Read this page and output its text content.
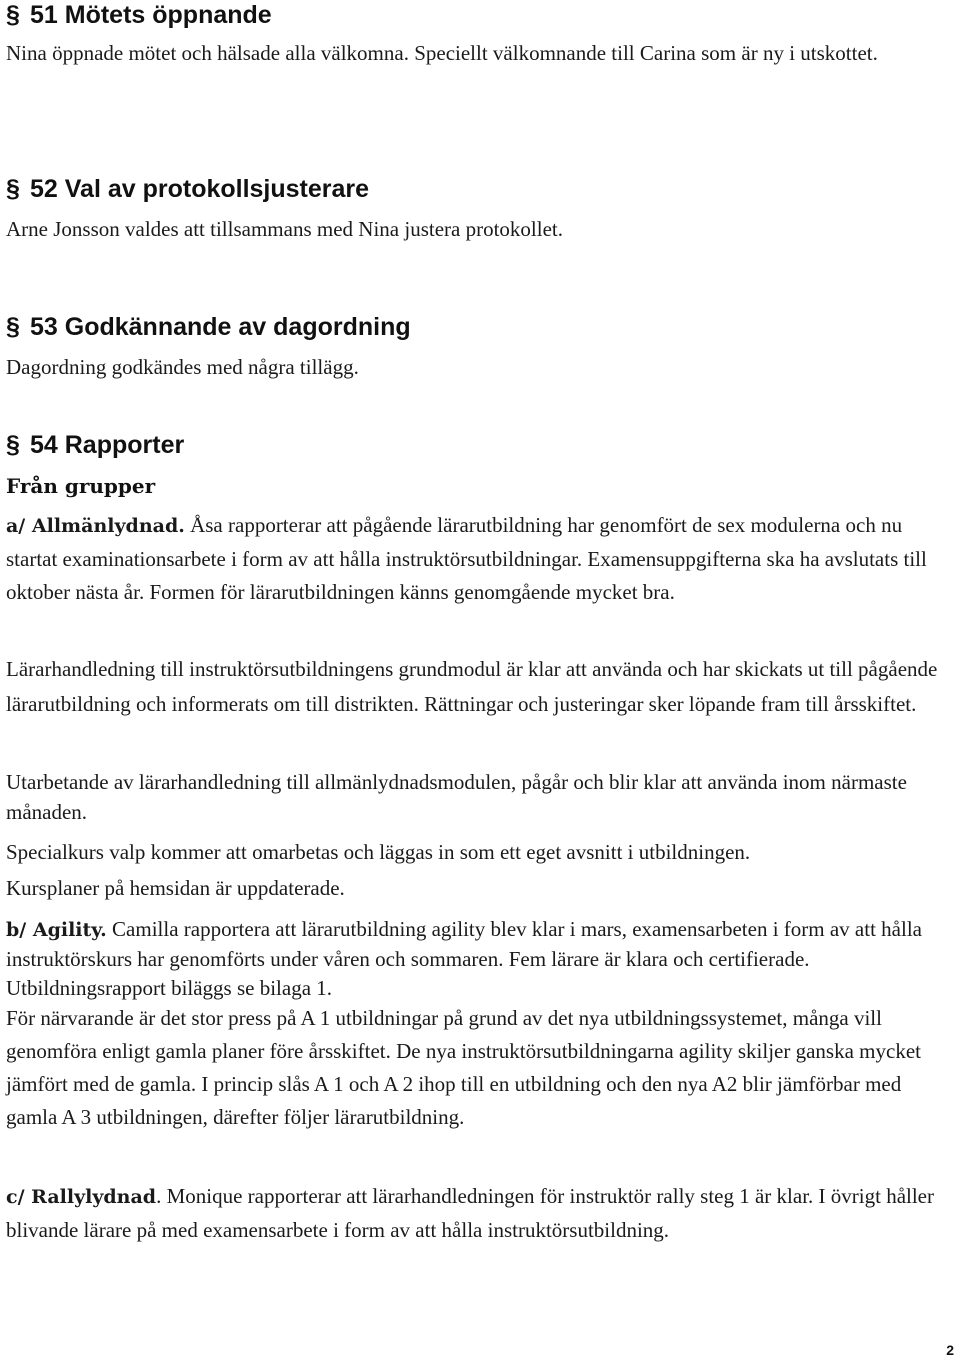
§ 51 Mötets öppnande
Nina öppnade mötet och hälsade alla välkomna. Speciellt välkomnande till Carina som är ny i utskottet.
§ 52 Val av protokollsjusterare
Arne Jonsson valdes att tillsammans med Nina justera protokollet.
§ 53 Godkännande av dagordning
Dagordning godkändes med några tillägg.
§ 54 Rapporter
Från grupper
a/ Allmänlydnad. Åsa rapporterar att pågående lärarutbildning har genomfört de sex modulerna och nu startat examinationsarbete i form av att hålla instruktörsutbildningar. Examensuppgifterna ska ha avslutats till oktober nästa år. Formen för lärarutbildningen känns genomgående mycket bra.
Lärarhandledning till instruktörsutbildningens grundmodul är klar att använda och har skickats ut till pågående lärarutbildning och informerats om till distrikten. Rättningar och justeringar sker löpande fram till årsskiftet.
Utarbetande av lärarhandledning till allmänlydnadsmodulen, pågår och blir klar att använda inom närmaste månaden.
Specialkurs valp kommer att omarbetas och läggas in som ett eget avsnitt i utbildningen.
Kursplaner på hemsidan är uppdaterade.
b/ Agility. Camilla rapportera att lärarutbildning agility blev klar i mars, examensarbeten i form av att hålla instruktörskurs har genomförts under våren och sommaren. Fem lärare är klara och certifierade. Utbildningsrapport biläggs se bilaga 1.
För närvarande är det stor press på A 1 utbildningar på grund av det nya utbildningssystemet, många vill genomföra enligt gamla planer före årsskiftet. De nya instruktörsutbildningarna agility skiljer ganska mycket jämfört med de gamla. I princip slås A 1 och A 2 ihop till en utbildning och den nya A2 blir jämförbar med gamla A 3 utbildningen, därefter följer lärarutbildning.
c/ Rallylydnad. Monique rapporterar att lärarhandledningen för instruktör rally steg 1 är klar. I övrigt håller blivande lärare på med examensarbete i form av att hålla instruktörsutbildning.
2
